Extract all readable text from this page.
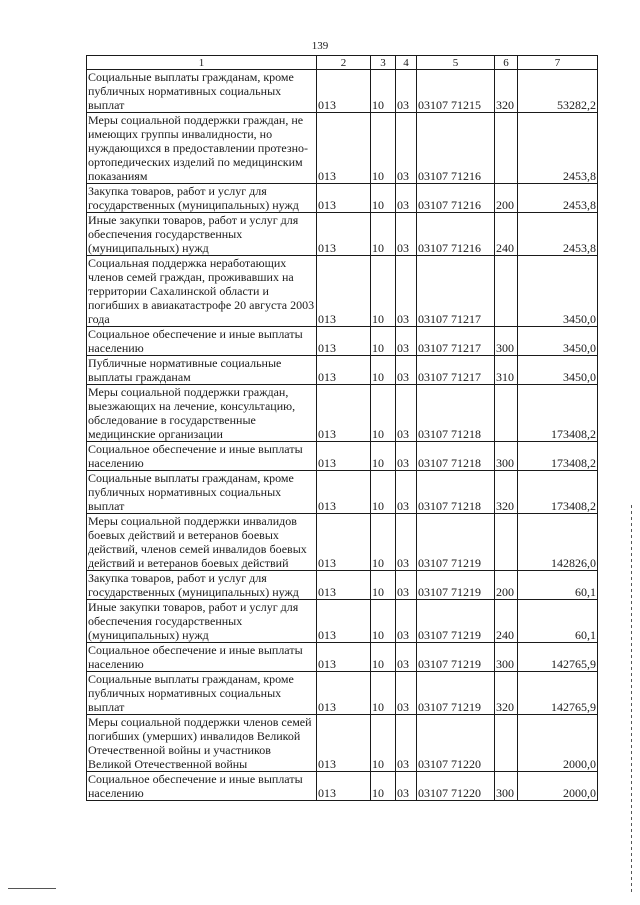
139
1	2	3	4	5	6	7
Социальные выплаты гражданам, кроме публичных нормативных социальных выплат	013	10	03	03107 71215	320	53282,2
Меры социальной поддержки граждан, не имеющих группы инвалидности, но нуждающихся в предоставлении протезно-ортопедических изделий по медицинским показаниям	013	10	03	03107 71216		2453,8
Закупка товаров, работ и услуг для государственных (муниципальных) нужд	013	10	03	03107 71216	200	2453,8
Иные закупки товаров, работ и услуг для обеспечения государственных (муниципальных) нужд	013	10	03	03107 71216	240	2453,8
Социальная поддержка неработающих членов семей граждан, проживавших на территории Сахалинской области и погибших в авиакатастрофе 20 августа 2003 года	013	10	03	03107 71217		3450,0
Социальное обеспечение и иные выплаты населению	013	10	03	03107 71217	300	3450,0
Публичные нормативные социальные выплаты гражданам	013	10	03	03107 71217	310	3450,0
Меры социальной поддержки граждан, выезжающих на лечение, консультацию, обследование в государственные медицинские организации	013	10	03	03107 71218		173408,2
Социальное обеспечение и иные выплаты населению	013	10	03	03107 71218	300	173408,2
Социальные выплаты гражданам, кроме публичных нормативных социальных выплат	013	10	03	03107 71218	320	173408,2
Меры социальной поддержки инвалидов боевых действий и ветеранов боевых действий, членов семей инвалидов боевых действий и ветеранов боевых действий	013	10	03	03107 71219		142826,0
Закупка товаров, работ и услуг для государственных (муниципальных) нужд	013	10	03	03107 71219	200	60,1
Иные закупки товаров, работ и услуг для обеспечения государственных (муниципальных) нужд	013	10	03	03107 71219	240	60,1
Социальное обеспечение и иные выплаты населению	013	10	03	03107 71219	300	142765,9
Социальные выплаты гражданам, кроме публичных нормативных социальных выплат	013	10	03	03107 71219	320	142765,9
Меры социальной поддержки членов семей погибших (умерших) инвалидов Великой Отечественной войны и участников Великой Отечественной войны	013	10	03	03107 71220		2000,0
Социальное обеспечение и иные выплаты населению	013	10	03	03107 71220	300	2000,0
